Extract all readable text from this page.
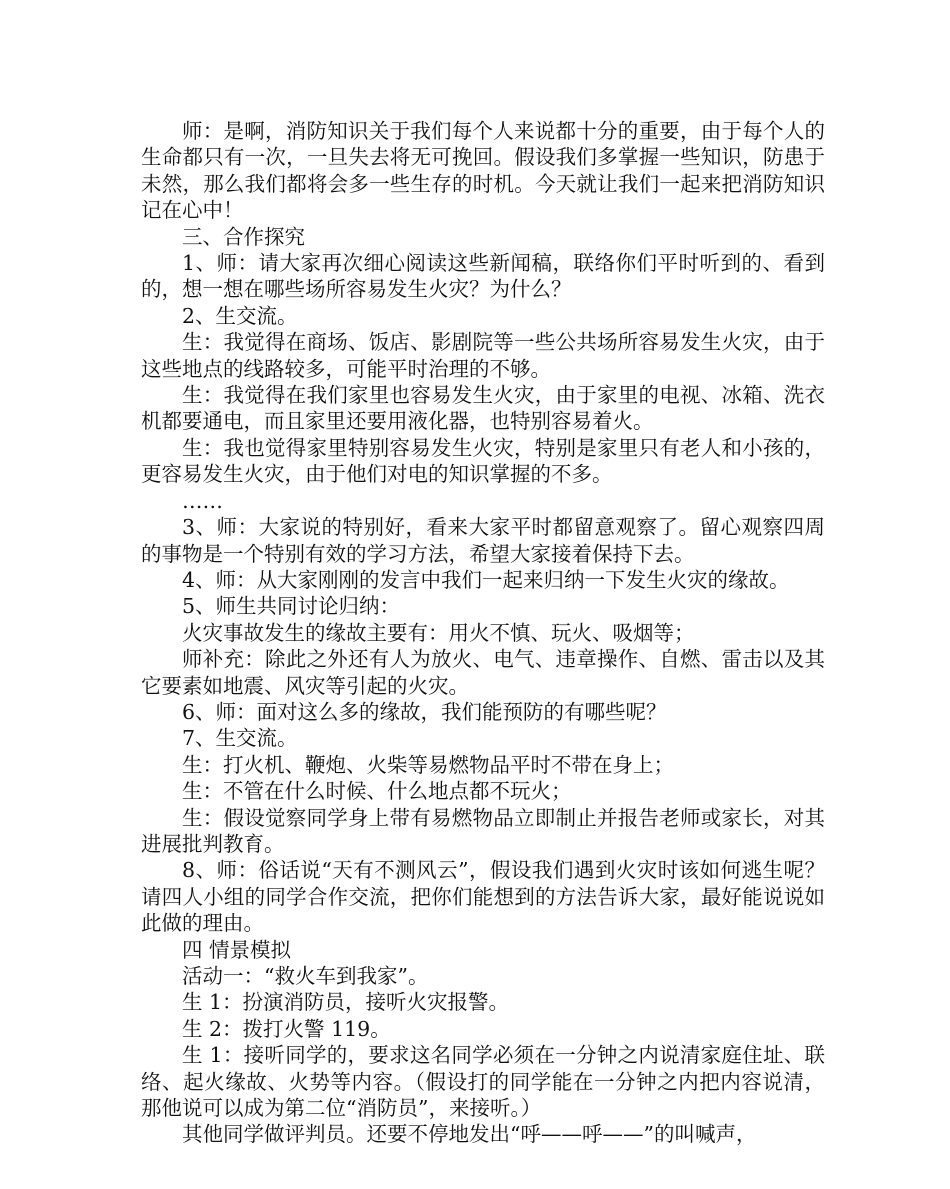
师：是啊，消防知识关于我们每个人来说都十分的重要，由于每个人的生命都只有一次，一旦失去将无可挽回。假设我们多掌握一些知识，防患于未然，那么我们都将会多一些生存的时机。今天就让我们一起来把消防知识记在心中！

三、合作探究

1、师：请大家再次细心阅读这些新闻稿，联络你们平时听到的、看到的，想一想在哪些场所容易发生火灾？为什么？

2、生交流。

生：我觉得在商场、饭店、影剧院等一些公共场所容易发生火灾，由于这些地点的线路较多，可能平时治理的不够。

生：我觉得在我们家里也容易发生火灾，由于家里的电视、冰箱、洗衣机都要通电，而且家里还要用液化器，也特别容易着火。

生：我也觉得家里特别容易发生火灾，特别是家里只有老人和小孩的，更容易发生火灾，由于他们对电的知识掌握的不多。

……

3、师：大家说的特别好，看来大家平时都留意观察了。留心观察四周的事物是一个特别有效的学习方法，希望大家接着保持下去。

4、师：从大家刚刚的发言中我们一起来归纳一下发生火灾的缘故。

5、师生共同讨论归纳：

火灾事故发生的缘故主要有：用火不慎、玩火、吸烟等；

师补充：除此之外还有人为放火、电气、违章操作、自燃、雷击以及其它要素如地震、风灾等引起的火灾。

6、师：面对这么多的缘故，我们能预防的有哪些呢？

7、生交流。

生：打火机、鞭炮、火柴等易燃物品平时不带在身上；

生：不管在什么时候、什么地点都不玩火；

生：假设觉察同学身上带有易燃物品立即制止并报告老师或家长，对其进展批判教育。

8、师：俗话说“天有不测风云”，假设我们遇到火灾时该如何逃生呢？请四人小组的同学合作交流，把你们能想到的方法告诉大家，最好能说说如此做的理由。

四 情景模拟

活动一：“救火车到我家”。

生 1：扮演消防员，接听火灾报警。

生 2：拨打火警 119。

生 1：接听同学的，要求这名同学必须在一分钟之内说清家庭住址、联络、起火缘故、火势等内容。（假设打的同学能在一分钟之内把内容说清，那他说可以成为第二位“消防员”，来接听。）

其他同学做评判员。还要不停地发出“呼——呼——”的叫喊声，
